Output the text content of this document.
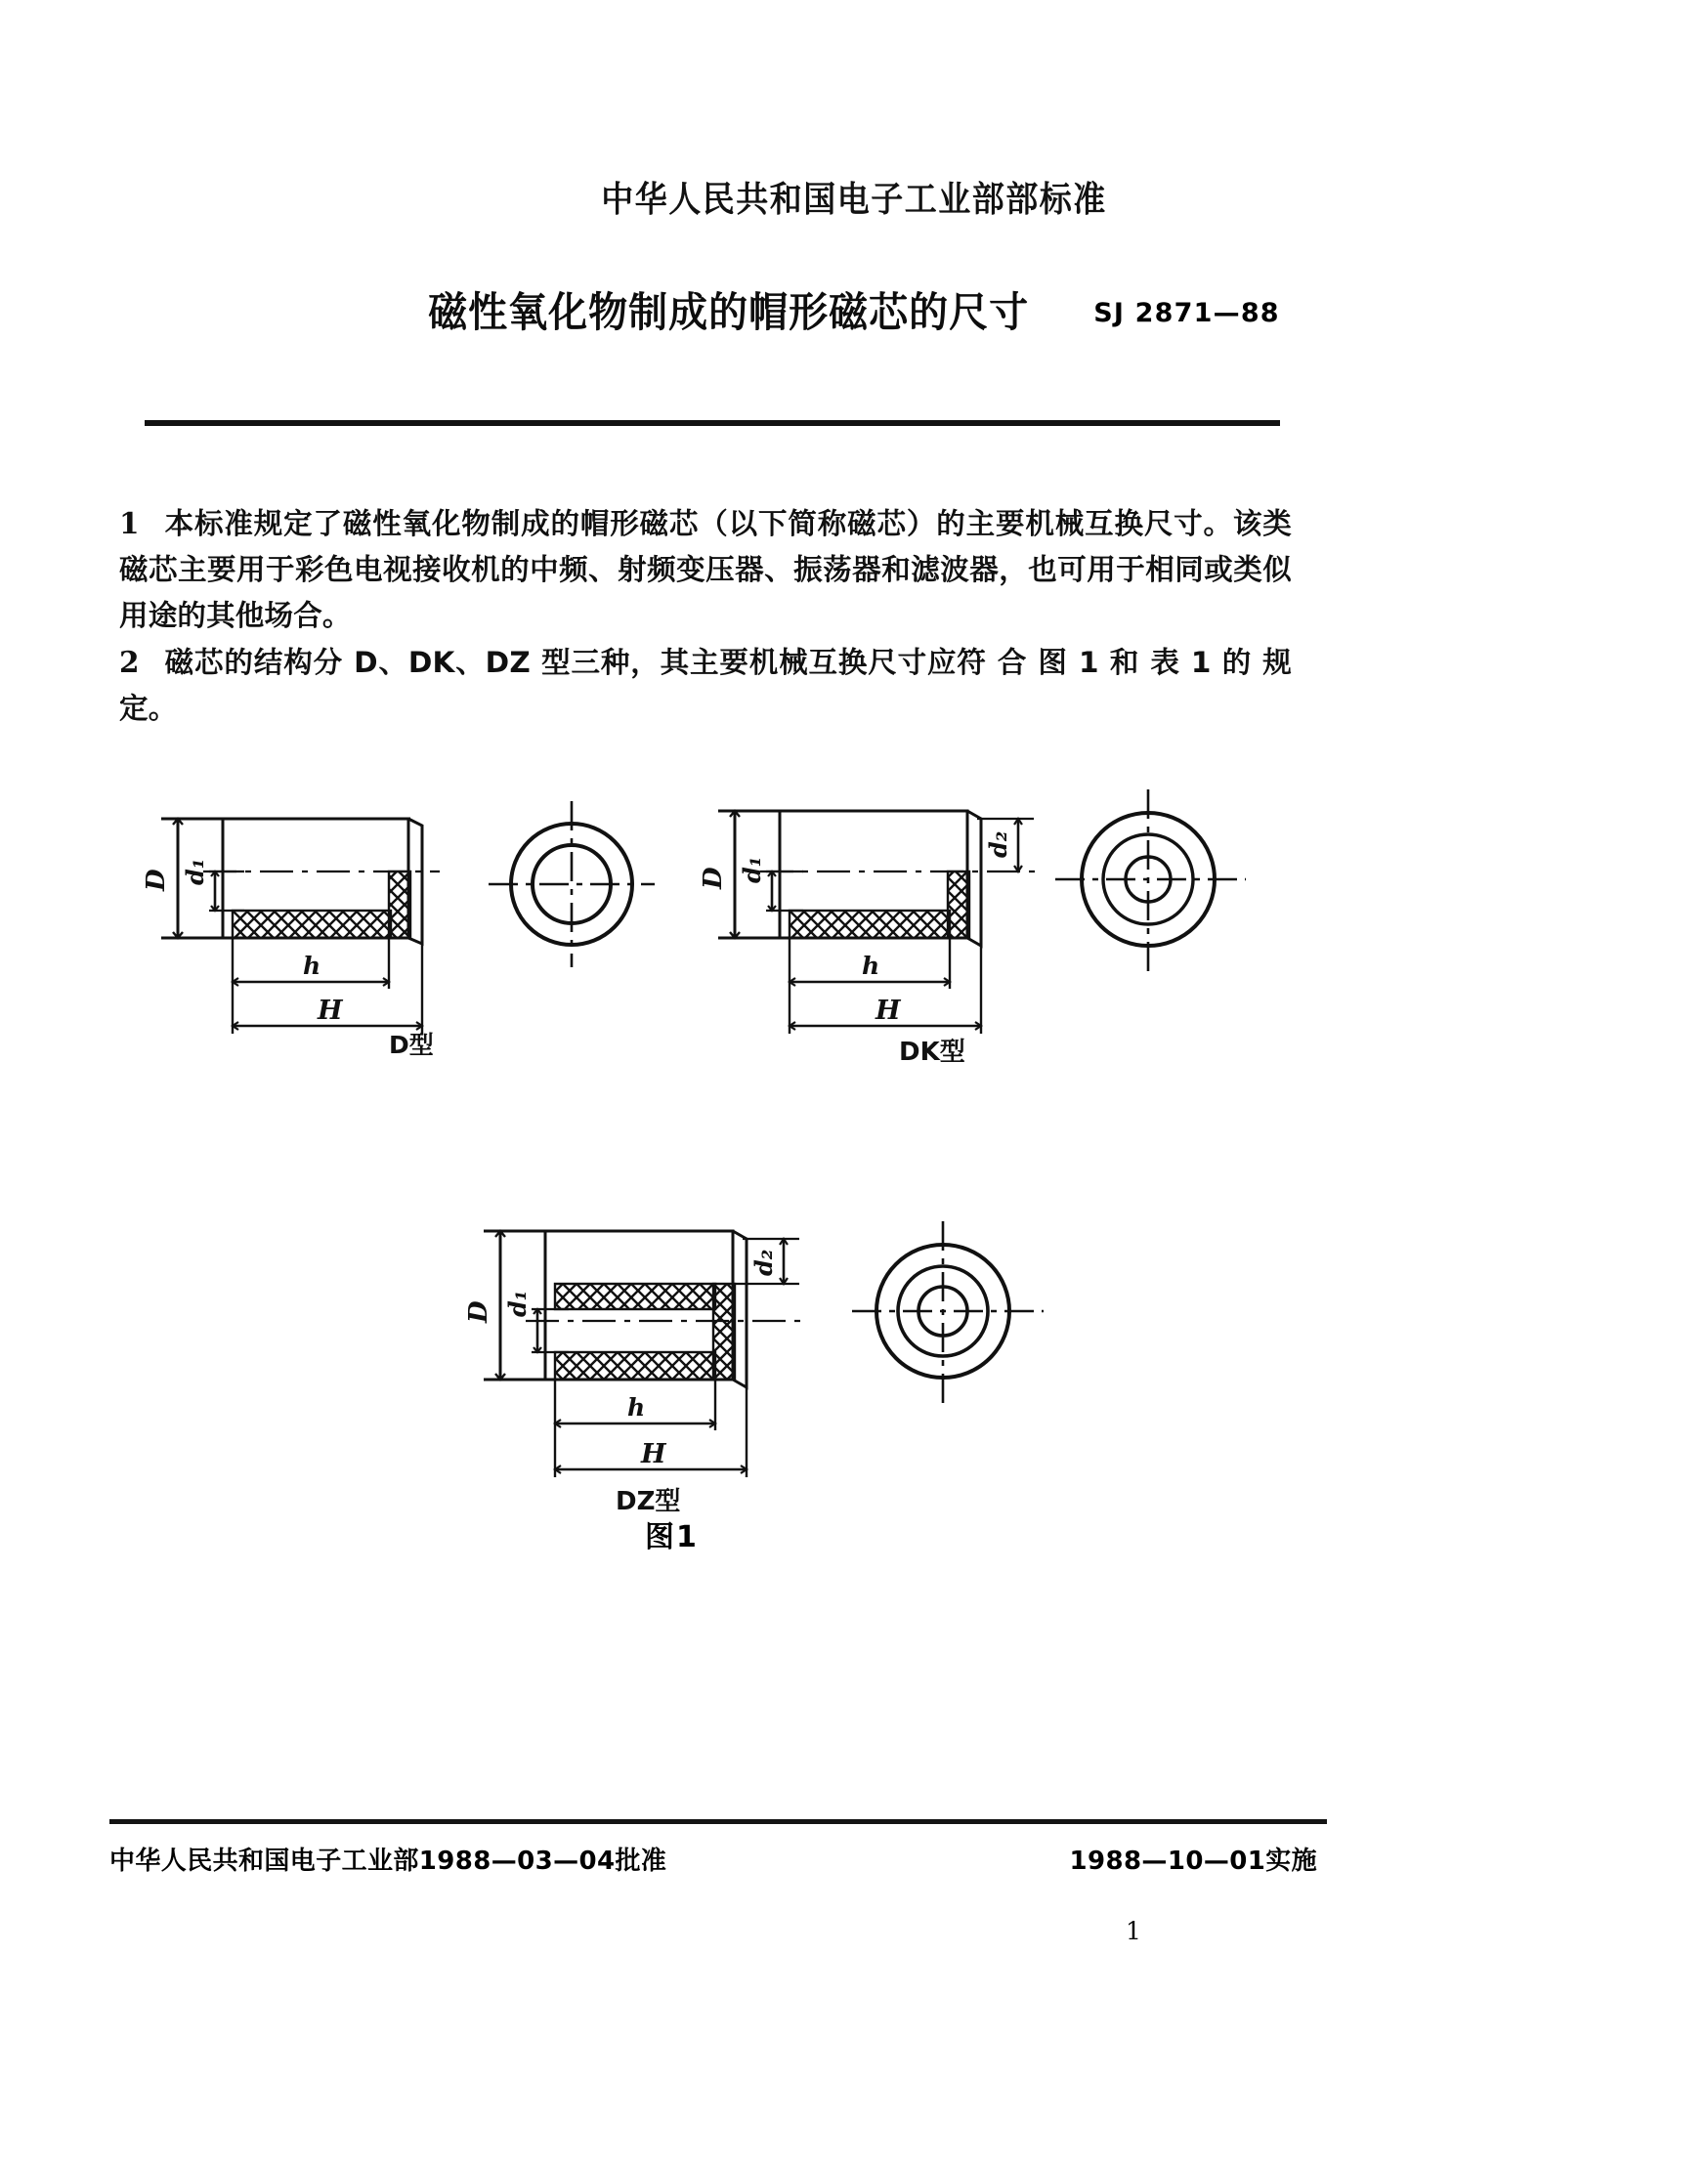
中华人民共和国电子工业部部标准
磁性氧化物制成的帽形磁芯的尺寸 SJ 2871—88

1 本标准规定了磁性氧化物制成的帽形磁芯（以下简称磁芯）的主要机械互换尺寸。该类磁芯主要用于彩色电视接收机的中频、射频变压器、振荡器和滤波器，也可用于相同或类似用途的其他场合。

2 磁芯的结构分 D、DK、DZ 型三种，其主要机械互换尺寸应符 合 图 1 和 表 1 的 规定。

D d₁
h
H
D型
D d₁
d₂
h
H
DK型
D d₁
d₂
h
H
DZ型
图1
中华人民共和国电子工业部1988—03—04批准	1988—10—01实施
1
